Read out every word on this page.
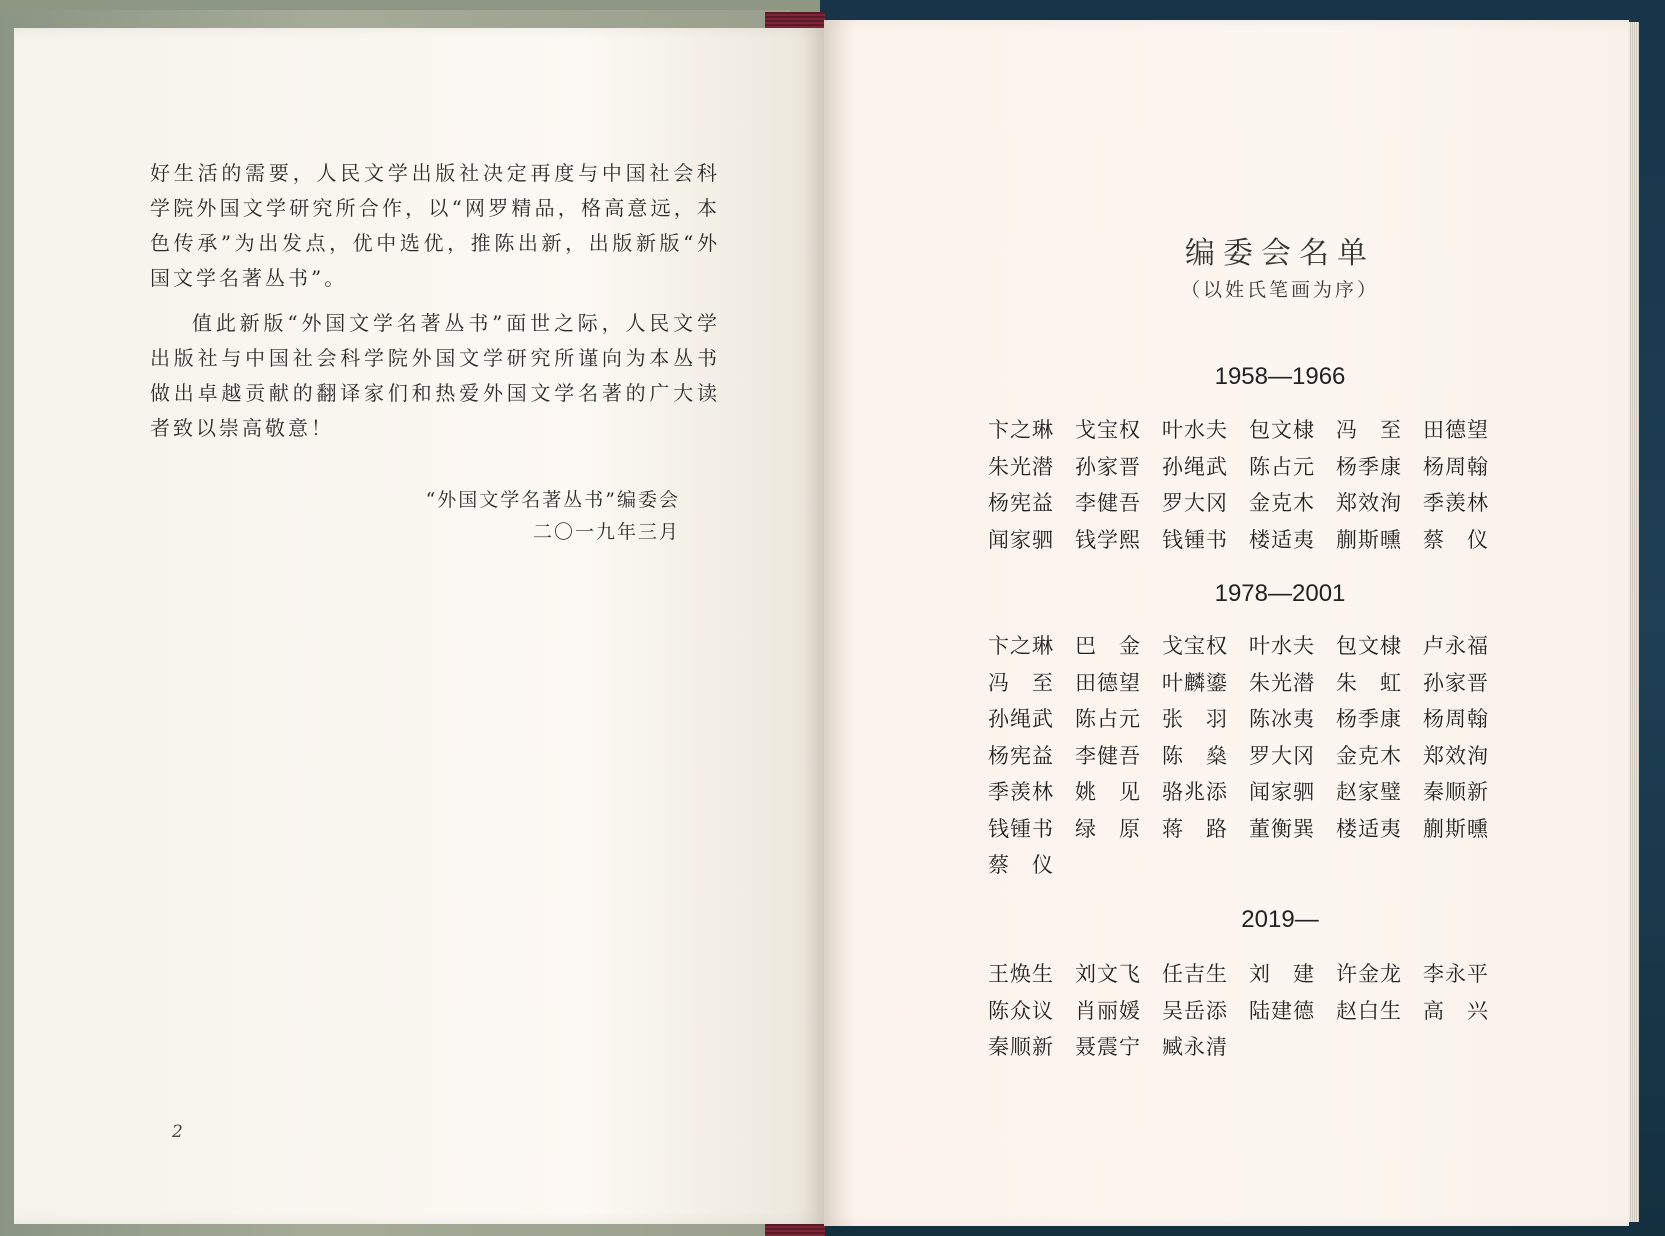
好生活的需要，人民文学出版社决定再度与中国社会科学院外国文学研究所合作，以“网罗精品，格高意远，本色传承”为出发点，优中选优，推陈出新，出版新版“外国文学名著丛书”。

值此新版“外国文学名著丛书”面世之际，人民文学出版社与中国社会科学院外国文学研究所谨向为本丛书做出卓越贡献的翻译家们和热爱外国文学名著的广大读者致以崇高敬意！

“外国文学名著丛书”编委会
二〇一九年三月
2
编委会名单
（以姓氏笔画为序）
1958—1966
卞之琳	戈宝权	叶水夫	包文棣	冯　至	田德望
朱光潜	孙家晋	孙绳武	陈占元	杨季康	杨周翰
杨宪益	李健吾	罗大冈	金克木	郑效洵	季羡林
闻家驷	钱学熙	钱锺书	楼适夷	蒯斯曛	蔡　仪
1978—2001
卞之琳	巴　金	戈宝权	叶水夫	包文棣	卢永福
冯　至	田德望	叶麟鎏	朱光潜	朱　虹	孙家晋
孙绳武	陈占元	张　羽	陈冰夷	杨季康	杨周翰
杨宪益	李健吾	陈　燊	罗大冈	金克木	郑效洵
季羡林	姚　见	骆兆添	闻家驷	赵家璧	秦顺新
钱锺书	绿　原	蒋　路	董衡巽	楼适夷	蒯斯曛
蔡　仪
2019—
王焕生	刘文飞	任吉生	刘　建	许金龙	李永平
陈众议	肖丽媛	吴岳添	陆建德	赵白生	高　兴
秦顺新	聂震宁	臧永清
